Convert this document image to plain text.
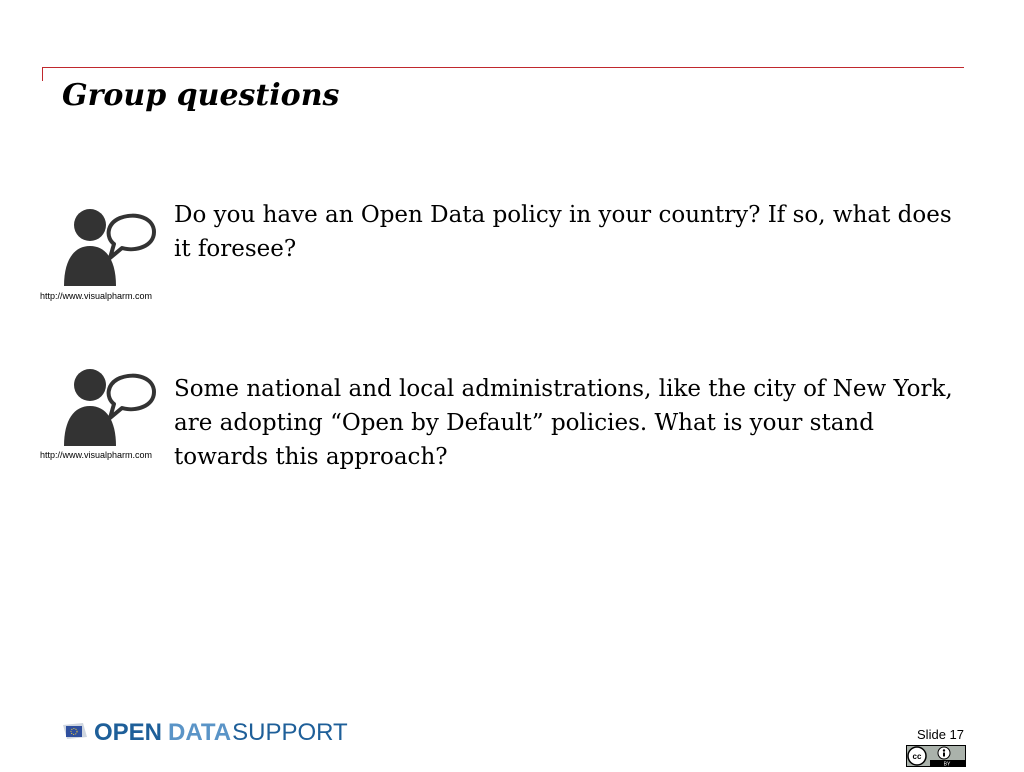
Group questions
http://www.visualpharm.com

Do you have an Open Data policy in your country? If so, what does it foresee?

http://www.visualpharm.com

Some national and local administrations, like the city of New York, are adopting “Open by Default” policies. What is your stand towards this approach?

OPEN DATA SUPPORT	Slide 17
cc
BY
